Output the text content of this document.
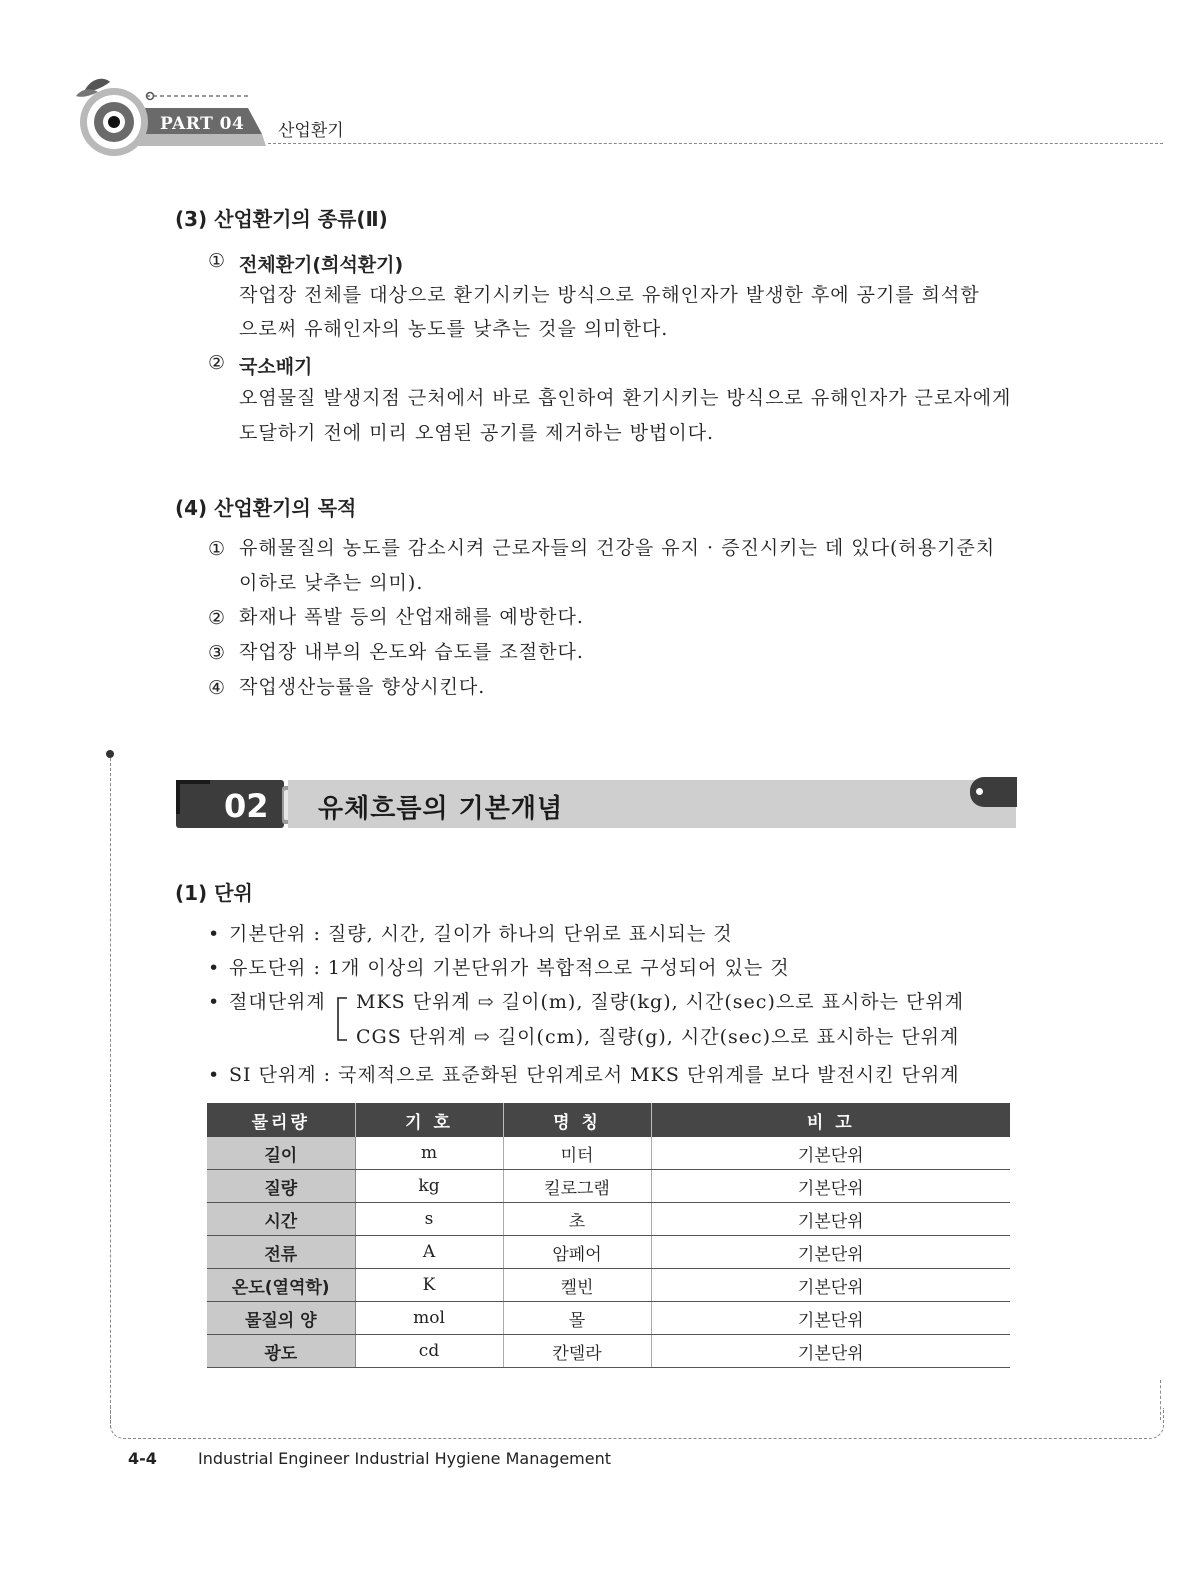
PART 04 산업환기
(3) 산업환기의 종류(Ⅱ)
① 전체환기(희석환기)
작업장 전체를 대상으로 환기시키는 방식으로 유해인자가 발생한 후에 공기를 희석함
으로써 유해인자의 농도를 낮추는 것을 의미한다.
② 국소배기
오염물질 발생지점 근처에서 바로 흡인하여 환기시키는 방식으로 유해인자가 근로자에게
도달하기 전에 미리 오염된 공기를 제거하는 방법이다.
(4) 산업환기의 목적
① 유해물질의 농도를 감소시켜 근로자들의 건강을 유지 · 증진시키는 데 있다(허용기준치
이하로 낮추는 의미).
② 화재나 폭발 등의 산업재해를 예방한다.
③ 작업장 내부의 온도와 습도를 조절한다.
④ 작업생산능률을 향상시킨다.
02 유체흐름의 기본개념
(1) 단위
• 기본단위 : 질량, 시간, 길이가 하나의 단위로 표시되는 것
• 유도단위 : 1개 이상의 기본단위가 복합적으로 구성되어 있는 것
• 절대단위계 MKS 단위계 ⇨ 길이(m), 질량(kg), 시간(sec)으로 표시하는 단위계
CGS 단위계 ⇨ 길이(cm), 질량(g), 시간(sec)으로 표시하는 단위계
• SI 단위계 : 국제적으로 표준화된 단위계로서 MKS 단위계를 보다 발전시킨 단위계
물리량	기 호	명 칭	비 고
길이	m	미터	기본단위
질량	kg	킬로그램	기본단위
시간	s	초	기본단위
전류	A	암페어	기본단위
온도(열역학)	K	켈빈	기본단위
물질의 양	mol	몰	기본단위
광도	cd	칸델라	기본단위
4-4	Industrial Engineer Industrial Hygiene Management
